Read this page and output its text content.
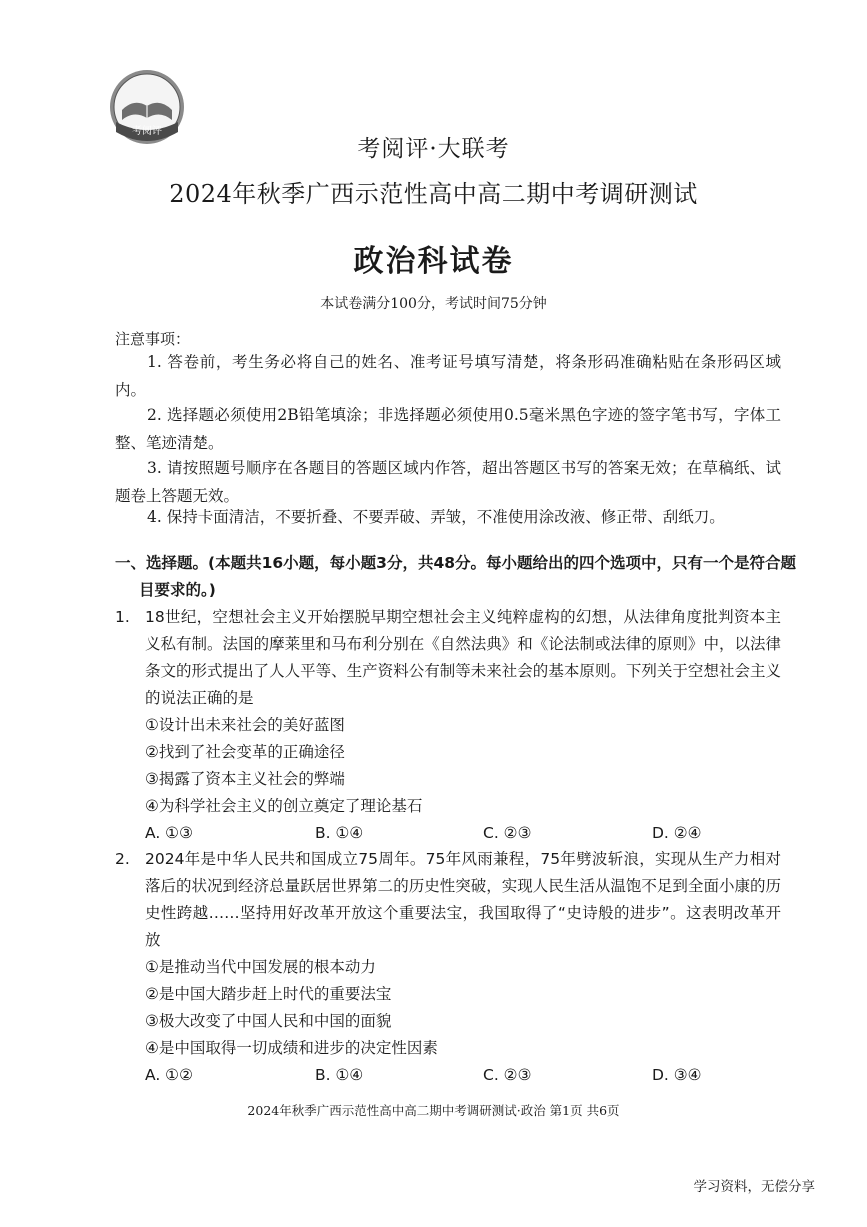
考阅评
考阅评·大联考
2024年秋季广西示范性高中高二期中考调研测试
政治科试卷
本试卷满分100分，考试时间75分钟
注意事项：
1. 答卷前，考生务必将自己的姓名、准考证号填写清楚，将条形码准确粘贴在条形码区域内。
2. 选择题必须使用2B铅笔填涂；非选择题必须使用0.5毫米黑色字迹的签字笔书写，字体工整、笔迹清楚。
3. 请按照题号顺序在各题目的答题区域内作答，超出答题区书写的答案无效；在草稿纸、试题卷上答题无效。
4. 保持卡面清洁，不要折叠、不要弄破、弄皱，不准使用涂改液、修正带、刮纸刀。
一、选择题。(本题共16小题，每小题3分，共48分。每小题给出的四个选项中，只有一个是符合题目要求的。)
1. 18世纪，空想社会主义开始摆脱早期空想社会主义纯粹虚构的幻想，从法律角度批判资本主义私有制。法国的摩莱里和马布利分别在《自然法典》和《论法制或法律的原则》中，以法律条文的形式提出了人人平等、生产资料公有制等未来社会的基本原则。下列关于空想社会主义的说法正确的是
①设计出未来社会的美好蓝图
②找到了社会变革的正确途径
③揭露了资本主义社会的弊端
④为科学社会主义的创立奠定了理论基石
A. ①③	B. ①④	C. ②③	D. ②④
2. 2024年是中华人民共和国成立75周年。75年风雨兼程，75年劈波斩浪，实现从生产力相对落后的状况到经济总量跃居世界第二的历史性突破，实现人民生活从温饱不足到全面小康的历史性跨越……坚持用好改革开放这个重要法宝，我国取得了“史诗般的进步”。这表明改革开放
①是推动当代中国发展的根本动力
②是中国大踏步赶上时代的重要法宝
③极大改变了中国人民和中国的面貌
④是中国取得一切成绩和进步的决定性因素
A. ①②	B. ①④	C. ②③	D. ③④
2024年秋季广西示范性高中高二期中考调研测试·政治 第1页 共6页
学习资料，无偿分享
